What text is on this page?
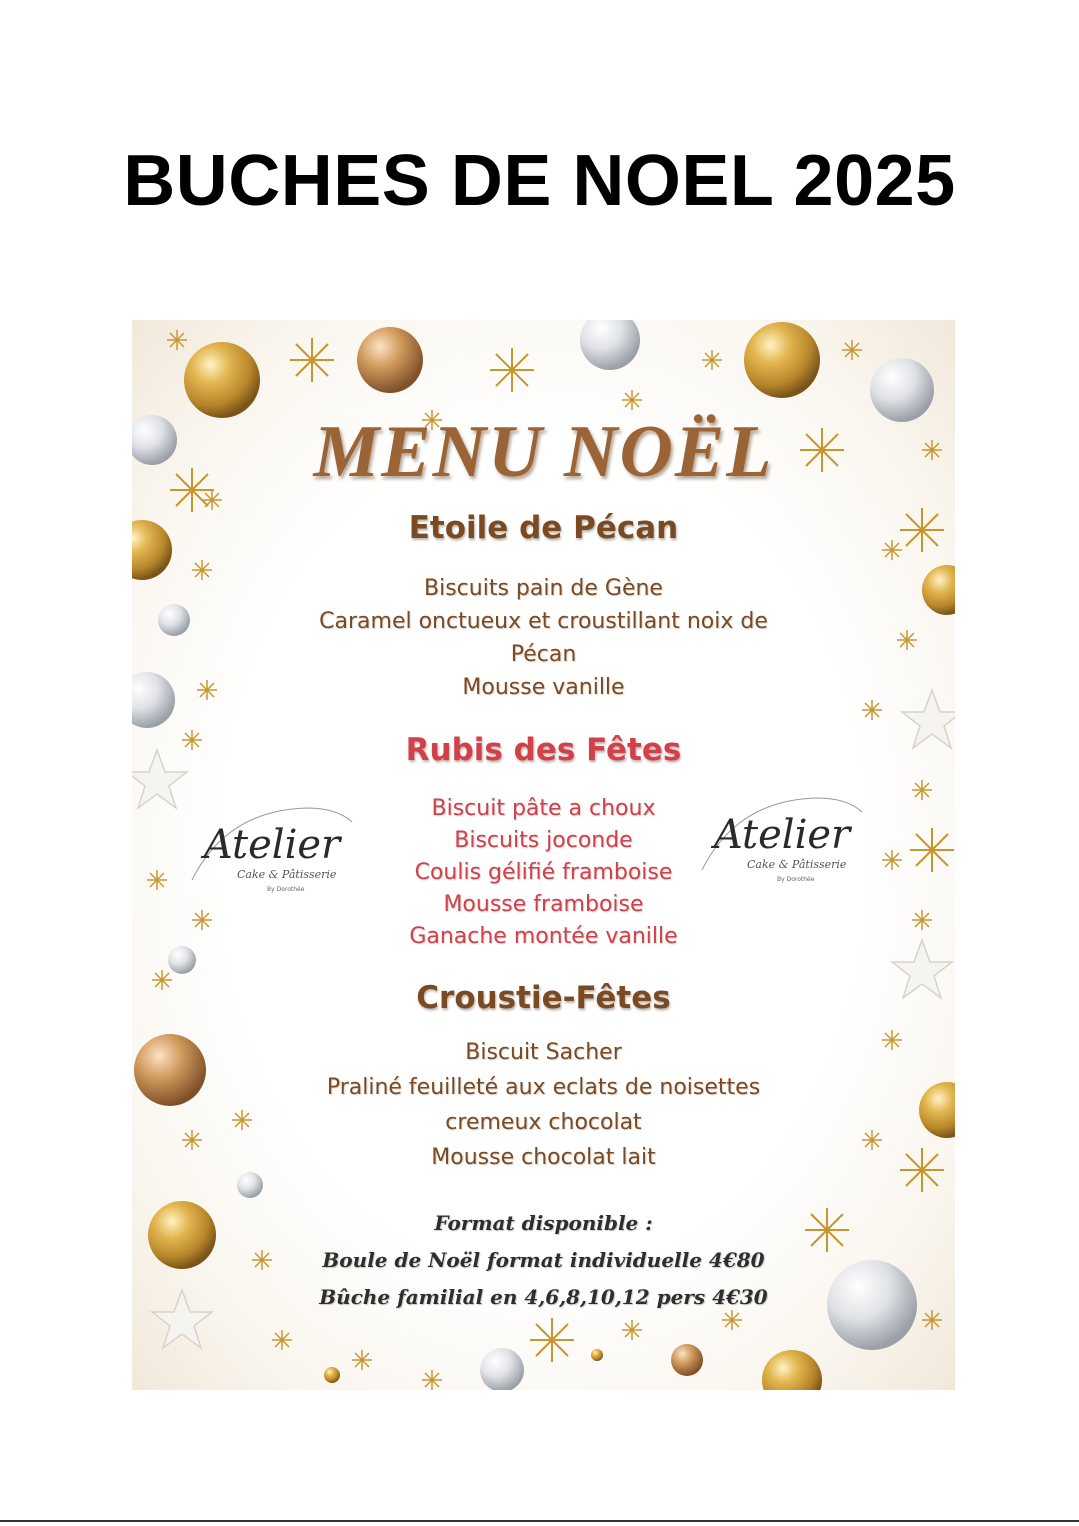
BUCHES DE NOEL 2025
MENU NOËL
Etoile de Pécan
Biscuits pain de Gène
Caramel onctueux et croustillant noix de
Pécan
Mousse vanille
Rubis des Fêtes
Biscuit pâte a choux
Biscuits joconde
Coulis gélifié framboise
Mousse framboise
Ganache montée vanille
Croustie-Fêtes
Biscuit Sacher
Praliné feuilleté aux eclats de noisettes
cremeux chocolat
Mousse chocolat lait
Format disponible :
Boule de Noël format individuelle 4€80
Bûche familial en 4,6,8,10,12 pers 4€30
Atelier
Cake & Pâtisserie
By Dorothée
Atelier
Cake & Pâtisserie
By Dorothée
